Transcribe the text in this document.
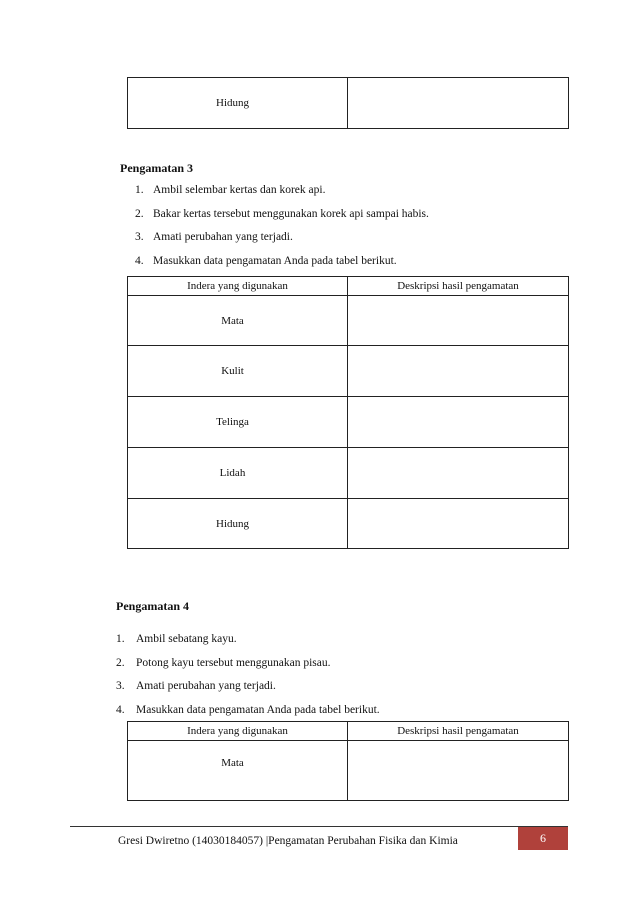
Hidung	
Pengamatan 3
1. Ambil selembar kertas dan korek api.
2. Bakar kertas tersebut menggunakan korek api sampai habis.
3. Amati perubahan yang terjadi.
4. Masukkan data pengamatan Anda pada tabel berikut.
Indera yang digunakan	Deskripsi hasil pengamatan
Mata	
Kulit	
Telinga	
Lidah	
Hidung	
Pengamatan 4
1. Ambil sebatang kayu.
2. Potong kayu tersebut menggunakan pisau.
3. Amati perubahan yang terjadi.
4. Masukkan data pengamatan Anda pada tabel berikut.
Indera yang digunakan	Deskripsi hasil pengamatan
Mata	
Gresi Dwiretno (14030184057) |Pengamatan Perubahan Fisika dan Kimia	6
